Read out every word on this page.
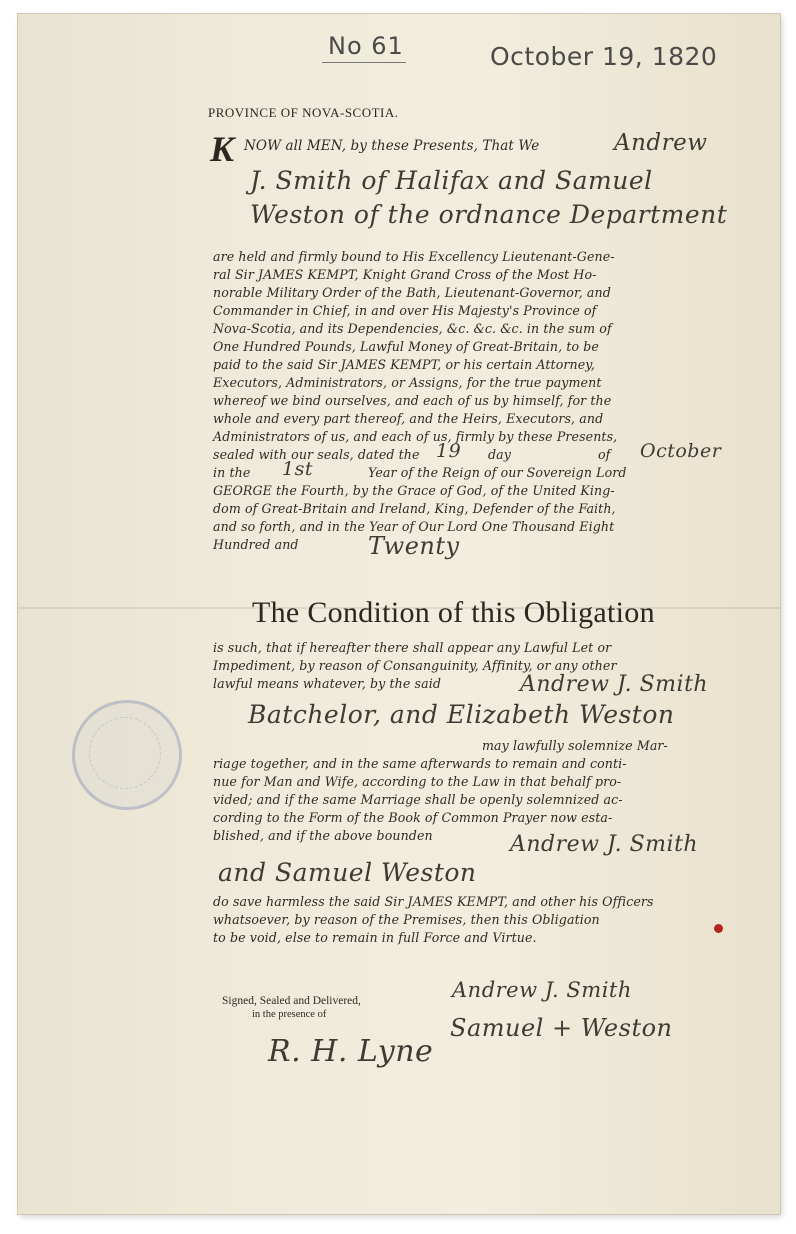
No 61	October 19, 1820
PROVINCE OF NOVA-SCOTIA.
K NOW all MEN, by these Presents, That We	Andrew
J. Smith of Halifax and Samuel
Weston of the ordnance Department
are held and firmly bound to His Excellency Lieutenant-Gene-
ral Sir JAMES KEMPT, Knight Grand Cross of the Most Ho-
norable Military Order of the Bath, Lieutenant-Governor, and
Commander in Chief, in and over His Majesty's Province of
Nova-Scotia, and its Dependencies, &c. &c. &c. in the sum of
One Hundred Pounds, Lawful Money of Great-Britain, to be
paid to the said Sir JAMES KEMPT, or his certain Attorney,
Executors, Administrators, or Assigns, for the true payment
whereof we bind ourselves, and each of us by himself, for the
whole and every part thereof, and the Heirs, Executors, and
Administrators of us, and each of us, firmly by these Presents,
sealed with our seals, dated the 19 day	of October
in the 1st	Year of the Reign of our Sovereign Lord
GEORGE the Fourth, by the Grace of God, of the United King-
dom of Great-Britain and Ireland, King, Defender of the Faith,
and so forth, and in the Year of Our Lord One Thousand Eight
Hundred and	Twenty
The Condition of this Obligation
is such, that if hereafter there shall appear any Lawful Let or
Impediment, by reason of Consanguinity, Affinity, or any other
lawful means whatever, by the said	Andrew J. Smith
Batchelor, and Elizabeth Weston
may lawfully solemnize Mar-
riage together, and in the same afterwards to remain and conti-
nue for Man and Wife, according to the Law in that behalf pro-
vided; and if the same Marriage shall be openly solemnized ac-
cording to the Form of the Book of Common Prayer now esta-
blished, and if the above bounden	Andrew J. Smith
and Samuel Weston
do save harmless the said Sir JAMES KEMPT, and other his Officers
whatsoever, by reason of the Premises, then this Obligation
to be void, else to remain in full Force and Virtue.
Signed, Sealed and Delivered,
in the presence of
Andrew J. Smith
Samuel + Weston
R. H. Lyne
